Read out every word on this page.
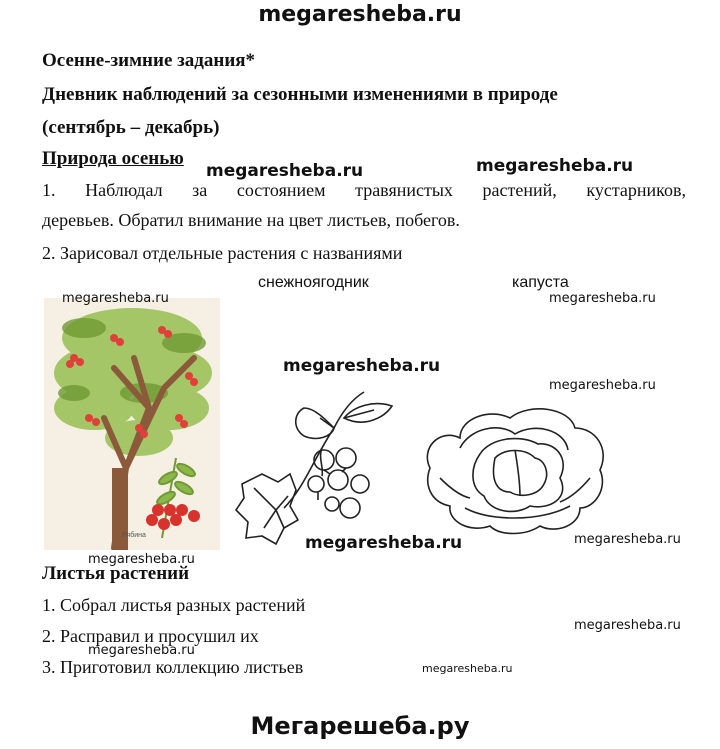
megaresheba.ru
Осенне-зимние задания*
Дневник наблюдений за сезонными изменениями в природе
(сентябрь – декабрь)
Природа осенью
megaresheba.ru	megaresheba.ru
1. Наблюдал за состоянием травянистых растений, кустарников,
деревьев. Обратил внимание на цвет листьев, побегов.
2. Зарисовал отдельные растения с названиями
снежноягодник	капуста
Рябина
megaresheba.ru
megaresheba.ru
megaresheba.ru
megaresheba.ru
megaresheba.ru
megaresheba.ru	megaresheba.ru
Листья растений
1. Собрал листья разных растений
2. Расправил и просушил их
megaresheba.ru
3. Приготовил коллекцию листьев
megaresheba.ru
megaresheba.ru
Мегарешеба.ру
